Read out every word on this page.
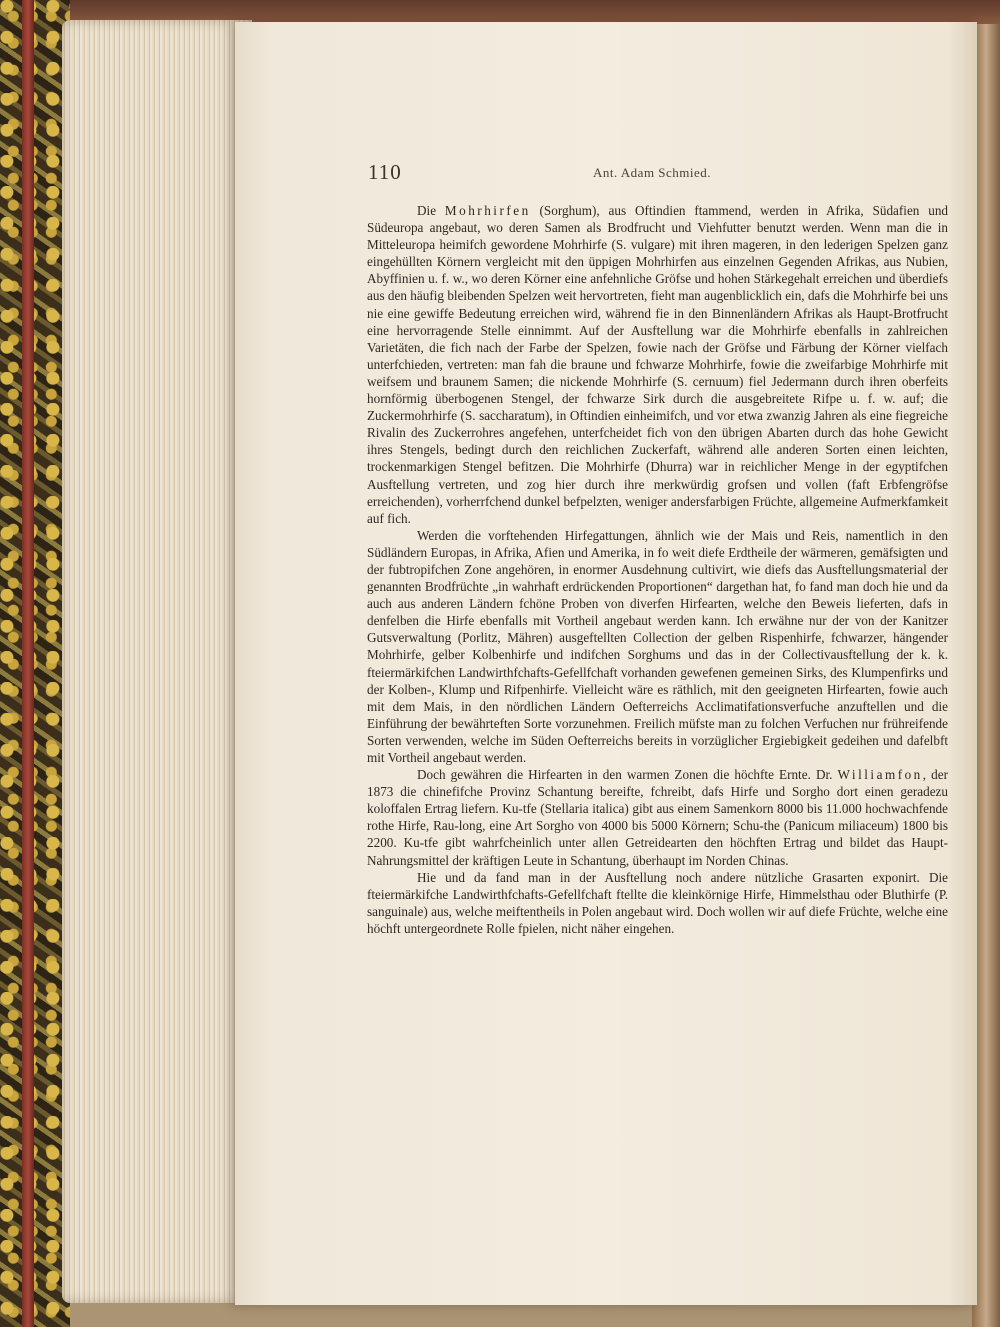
110	Ant. Adam Schmied.

Die Mohrhirfen (Sorghum), aus Oftindien ftammend, werden in Afrika, Südafien und Südeuropa angebaut, wo deren Samen als Brodfrucht und Viehfutter benutzt werden. Wenn man die in Mitteleuropa heimifch gewordene Mohrhirfe (S. vulgare) mit ihren mageren, in den lederigen Spelzen ganz eingehüllten Körnern vergleicht mit den üppigen Mohrhirfen aus einzelnen Gegenden Afrikas, aus Nubien, Abyffinien u. f. w., wo deren Körner eine anfehnliche Gröfse und hohen Stärkegehalt erreichen und überdiefs aus den häufig bleibenden Spelzen weit hervortreten, fieht man augenblicklich ein, dafs die Mohrhirfe bei uns nie eine gewiffe Bedeutung erreichen wird, während fie in den Binnenländern Afrikas als Haupt-Brotfrucht eine hervorragende Stelle einnimmt. Auf der Ausftellung war die Mohrhirfe ebenfalls in zahlreichen Varietäten, die fich nach der Farbe der Spelzen, fowie nach der Gröfse und Färbung der Körner vielfach unterfchieden, vertreten: man fah die braune und fchwarze Mohrhirfe, fowie die zweifarbige Mohrhirfe mit weifsem und braunem Samen; die nickende Mohrhirfe (S. cernuum) fiel Jedermann durch ihren oberfeits hornförmig überbogenen Stengel, der fchwarze Sirk durch die ausgebreitete Rifpe u. f. w. auf; die Zuckermohrhirfe (S. saccharatum), in Oftindien einheimifch, und vor etwa zwanzig Jahren als eine fiegreiche Rivalin des Zuckerrohres angefehen, unterfcheidet fich von den übrigen Abarten durch das hohe Gewicht ihres Stengels, bedingt durch den reichlichen Zuckerfaft, während alle anderen Sorten einen leichten, trockenmarkigen Stengel befitzen. Die Mohrhirfe (Dhurra) war in reichlicher Menge in der egyptifchen Ausftellung vertreten, und zog hier durch ihre merkwürdig grofsen und vollen (faft Erbfengröfse erreichenden), vorherrfchend dunkel befpelzten, weniger andersfarbigen Früchte, allgemeine Aufmerkfamkeit auf fich.

Werden die vorftehenden Hirfegattungen, ähnlich wie der Mais und Reis, namentlich in den Südländern Europas, in Afrika, Afien und Amerika, in fo weit diefe Erdtheile der wärmeren, gemäfsigten und der fubtropifchen Zone angehören, in enormer Ausdehnung cultivirt, wie diefs das Ausftellungsmaterial der genannten Brodfrüchte „in wahrhaft erdrückenden Proportionen“ dargethan hat, fo fand man doch hie und da auch aus anderen Ländern fchöne Proben von diverfen Hirfearten, welche den Beweis lieferten, dafs in denfelben die Hirfe ebenfalls mit Vortheil angebaut werden kann. Ich erwähne nur der von der Kanitzer Gutsverwaltung (Porlitz, Mähren) ausgeftellten Collection der gelben Rispenhirfe, fchwarzer, hängender Mohrhirfe, gelber Kolbenhirfe und indifchen Sorghums und das in der Collectivausftellung der k. k. fteiermärkifchen Landwirthfchafts-Gefellfchaft vorhanden gewefenen gemeinen Sirks, des Klumpenfirks und der Kolben-, Klump und Rifpenhirfe. Vielleicht wäre es räthlich, mit den geeigneten Hirfearten, fowie auch mit dem Mais, in den nördlichen Ländern Oefterreichs Acclimatifationsverfuche anzuftellen und die Einführung der bewährteften Sorte vorzunehmen. Freilich müfste man zu folchen Verfuchen nur frühreifende Sorten verwenden, welche im Süden Oefterreichs bereits in vorzüglicher Ergiebigkeit gedeihen und dafelbft mit Vortheil angebaut werden.

Doch gewähren die Hirfearten in den warmen Zonen die höchfte Ernte. Dr. Williamfon, der 1873 die chinefifche Provinz Schantung bereifte, fchreibt, dafs Hirfe und Sorgho dort einen geradezu koloffalen Ertrag liefern. Ku-tfe (Stellaria italica) gibt aus einem Samenkorn 8000 bis 11.000 hochwachfende rothe Hirfe, Rau-long, eine Art Sorgho von 4000 bis 5000 Körnern; Schu-the (Panicum miliaceum) 1800 bis 2200. Ku-tfe gibt wahrfcheinlich unter allen Getreidearten den höchften Ertrag und bildet das Haupt-Nahrungsmittel der kräftigen Leute in Schantung, überhaupt im Norden Chinas.

Hie und da fand man in der Ausftellung noch andere nützliche Grasarten exponirt. Die fteiermärkifche Landwirthfchafts-Gefellfchaft ftellte die kleinkörnige Hirfe, Himmelsthau oder Bluthirfe (P. sanguinale) aus, welche meiftentheils in Polen angebaut wird. Doch wollen wir auf diefe Früchte, welche eine höchft untergeordnete Rolle fpielen, nicht näher eingehen.
